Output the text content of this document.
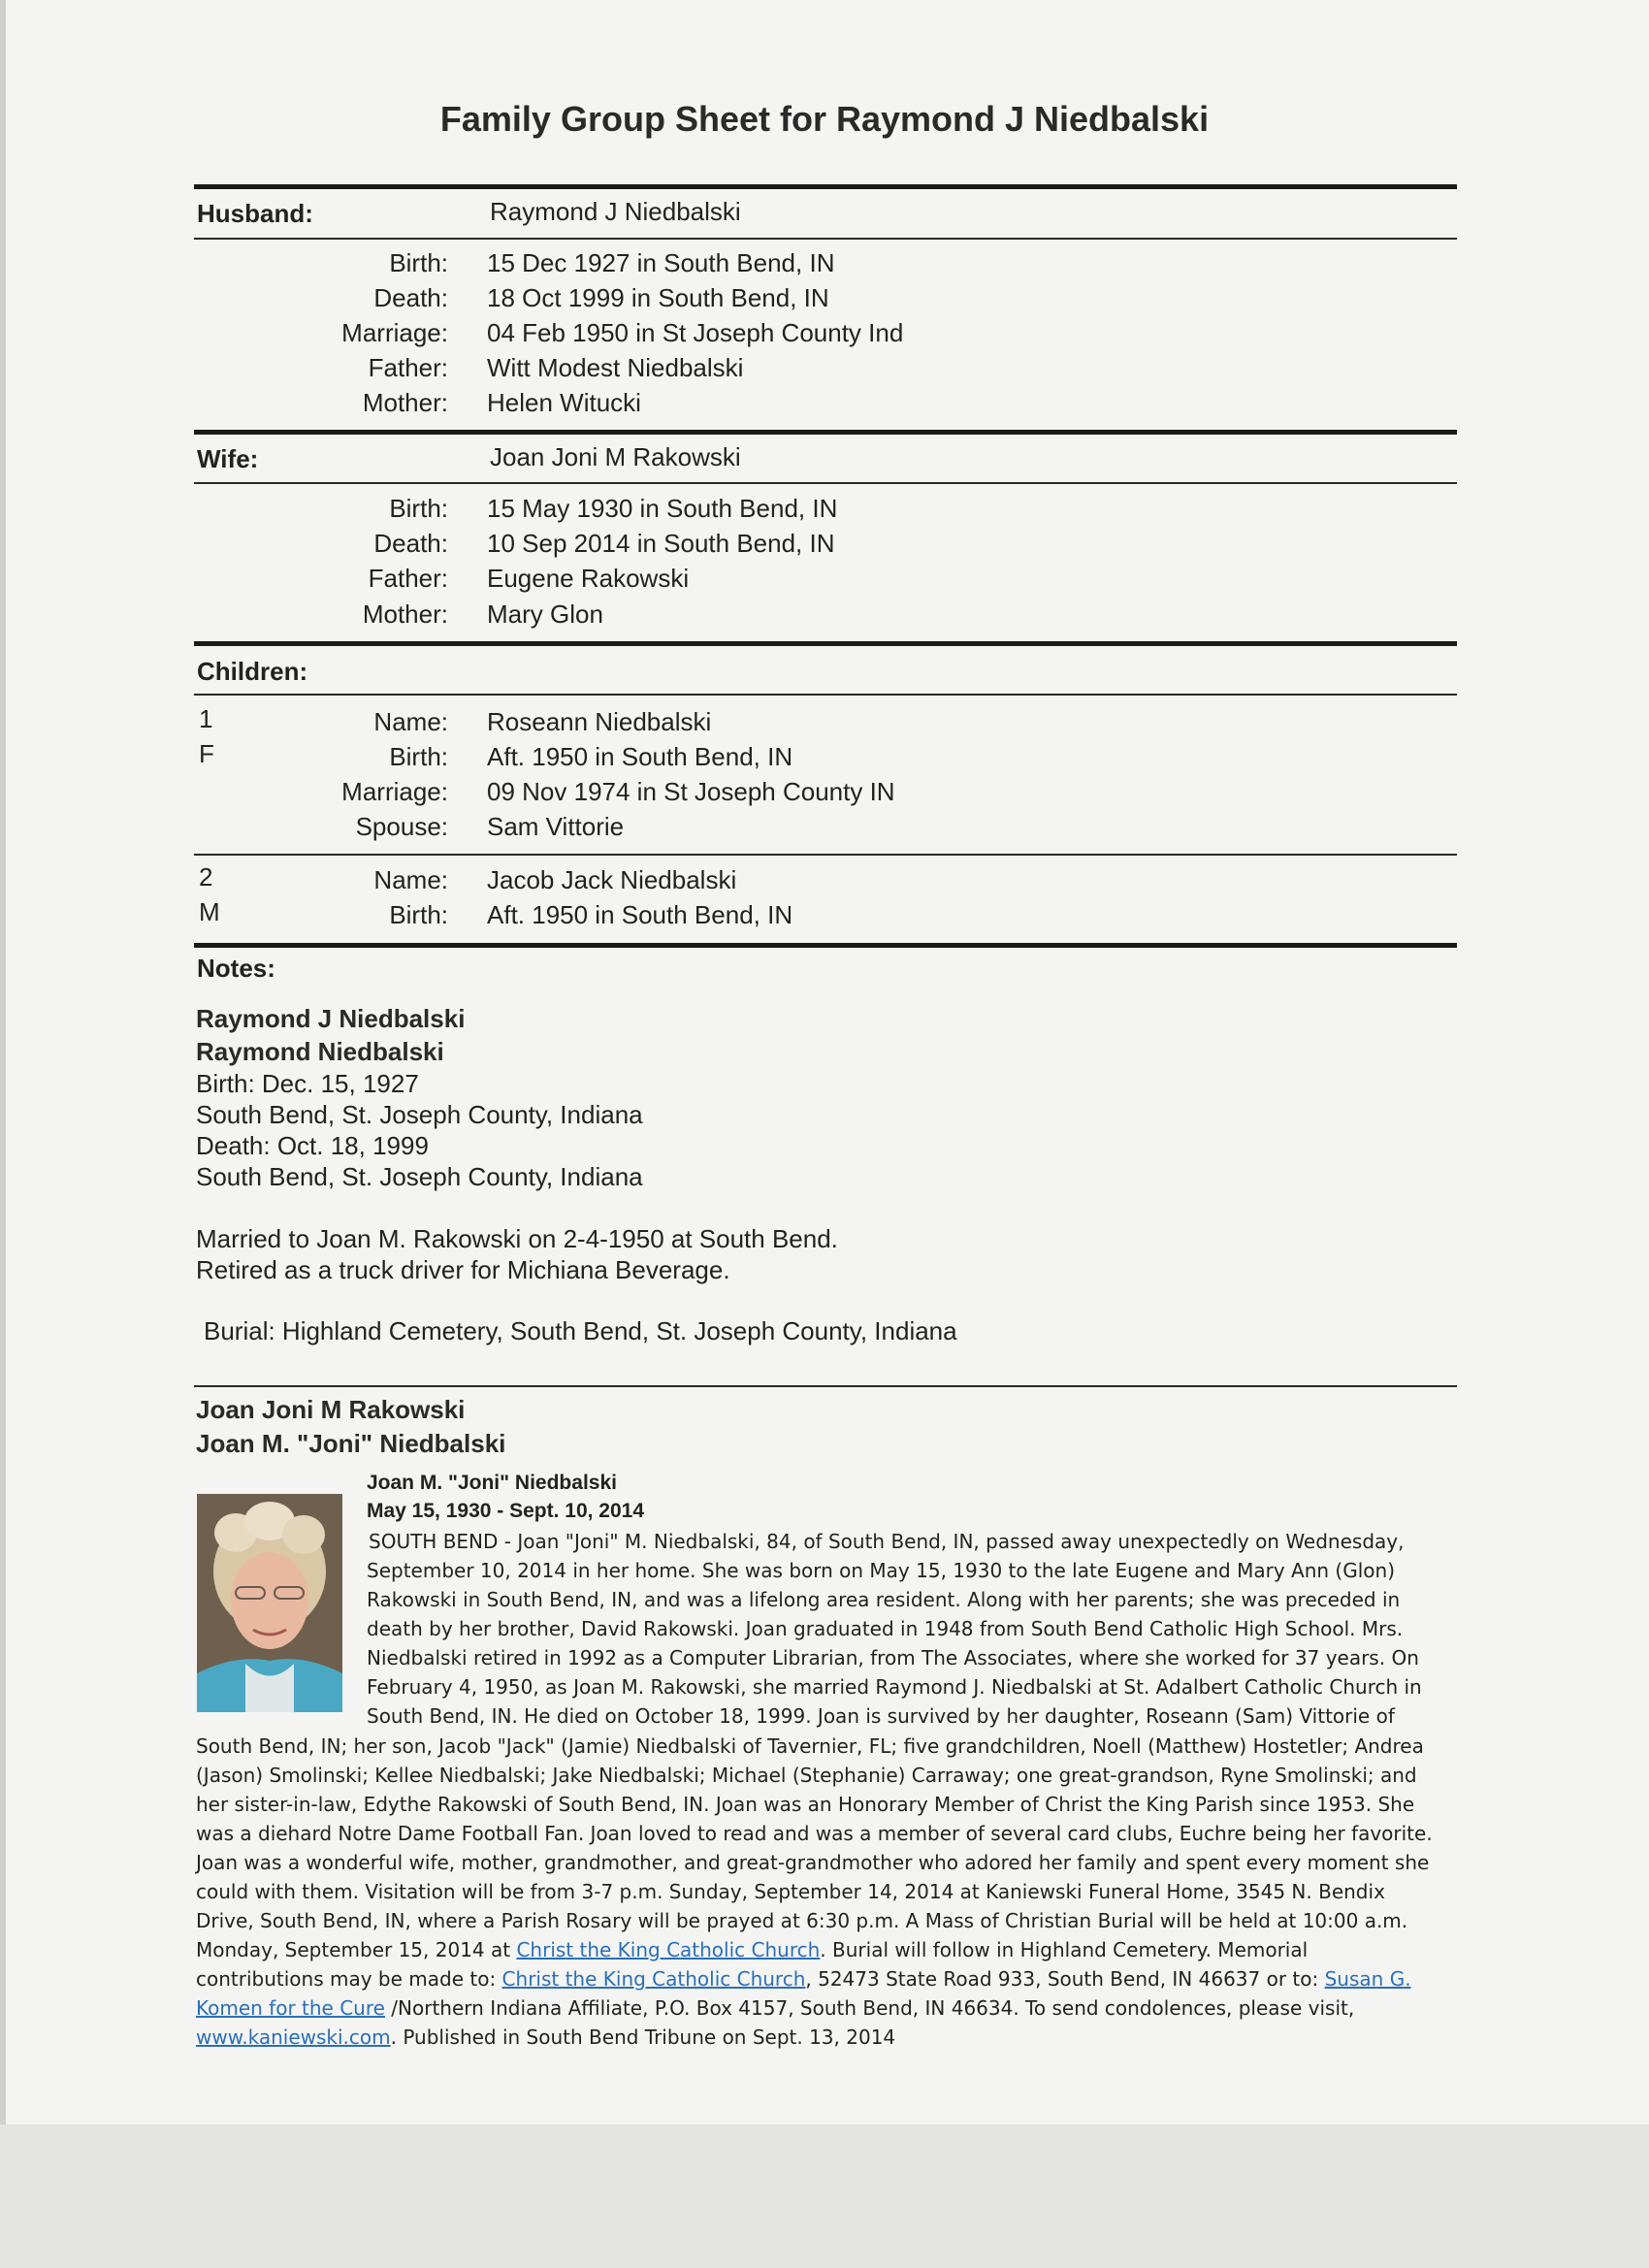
Family Group Sheet for Raymond J Niedbalski
Husband:	Raymond J Niedbalski
Birth: 15 Dec 1927 in South Bend, IN
Death: 18 Oct 1999 in South Bend, IN
Marriage: 04 Feb 1950 in St Joseph County Ind
Father: Witt Modest Niedbalski
Mother: Helen Witucki
Wife:	Joan Joni M Rakowski
Birth: 15 May 1930 in South Bend, IN
Death: 10 Sep 2014 in South Bend, IN
Father: Eugene Rakowski
Mother: Mary Glon
Children:
1
F
Name: Roseann Niedbalski
Birth: Aft. 1950 in South Bend, IN
Marriage: 09 Nov 1974 in St Joseph County IN
Spouse: Sam Vittorie
2
M
Name: Jacob Jack Niedbalski
Birth: Aft. 1950 in South Bend, IN
Notes:
Raymond J Niedbalski
Raymond Niedbalski
Birth: Dec. 15, 1927
South Bend, St. Joseph County, Indiana
Death: Oct. 18, 1999
South Bend, St. Joseph County, Indiana
Married to Joan M. Rakowski on 2-4-1950 at South Bend.
Retired as a truck driver for Michiana Beverage.
Burial: Highland Cemetery, South Bend, St. Joseph County, Indiana
Joan Joni M Rakowski
Joan M. "Joni" Niedbalski
Joan M. "Joni" Niedbalski
May 15, 1930 - Sept. 10, 2014
SOUTH BEND - Joan "Joni" M. Niedbalski, 84, of South Bend, IN, passed away unexpectedly on Wednesday,
September 10, 2014 in her home. She was born on May 15, 1930 to the late Eugene and Mary Ann (Glon)
Rakowski in South Bend, IN, and was a lifelong area resident. Along with her parents; she was preceded in
death by her brother, David Rakowski. Joan graduated in 1948 from South Bend Catholic High School. Mrs.
Niedbalski retired in 1992 as a Computer Librarian, from The Associates, where she worked for 37 years. On
February 4, 1950, as Joan M. Rakowski, she married Raymond J. Niedbalski at St. Adalbert Catholic Church in
South Bend, IN. He died on October 18, 1999. Joan is survived by her daughter, Roseann (Sam) Vittorie of
South Bend, IN; her son, Jacob "Jack" (Jamie) Niedbalski of Tavernier, FL; five grandchildren, Noell (Matthew) Hostetler; Andrea
(Jason) Smolinski; Kellee Niedbalski; Jake Niedbalski; Michael (Stephanie) Carraway; one great-grandson, Ryne Smolinski; and
her sister-in-law, Edythe Rakowski of South Bend, IN. Joan was an Honorary Member of Christ the King Parish since 1953. She
was a diehard Notre Dame Football Fan. Joan loved to read and was a member of several card clubs, Euchre being her favorite.
Joan was a wonderful wife, mother, grandmother, and great-grandmother who adored her family and spent every moment she
could with them. Visitation will be from 3-7 p.m. Sunday, September 14, 2014 at Kaniewski Funeral Home, 3545 N. Bendix
Drive, South Bend, IN, where a Parish Rosary will be prayed at 6:30 p.m. A Mass of Christian Burial will be held at 10:00 a.m.
Monday, September 15, 2014 at Christ the King Catholic Church. Burial will follow in Highland Cemetery. Memorial
contributions may be made to: Christ the King Catholic Church, 52473 State Road 933, South Bend, IN 46637 or to: Susan G.
Komen for the Cure /Northern Indiana Affiliate, P.O. Box 4157, South Bend, IN 46634. To send condolences, please visit,
www.kaniewski.com. Published in South Bend Tribune on Sept. 13, 2014
